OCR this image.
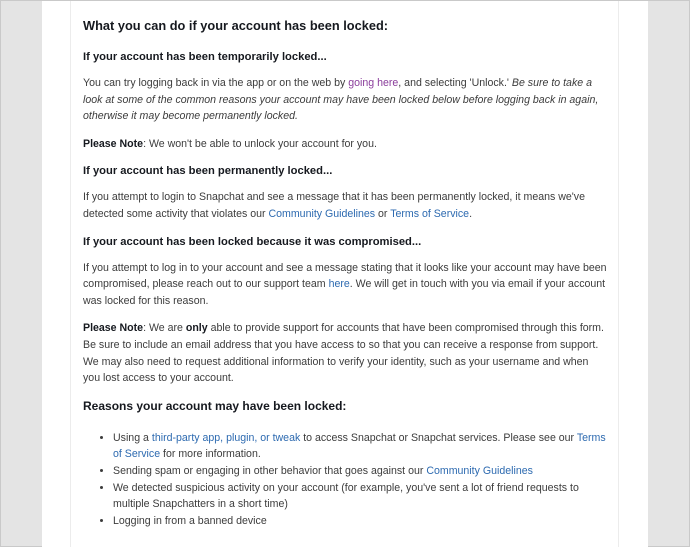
What you can do if your account has been locked:
If your account has been temporarily locked...

You can try logging back in via the app or on the web by going here, and selecting 'Unlock.' Be sure to take a look at some of the common reasons your account may have been locked below before logging back in again, otherwise it may become permanently locked.

Please Note: We won't be able to unlock your account for you.

If your account has been permanently locked...

If you attempt to login to Snapchat and see a message that it has been permanently locked, it means we've detected some activity that violates our Community Guidelines or Terms of Service.

If your account has been locked because it was compromised...

If you attempt to log in to your account and see a message stating that it looks like your account may have been compromised, please reach out to our support team here. We will get in touch with you via email if your account was locked for this reason.

Please Note: We are only able to provide support for accounts that have been compromised through this form. Be sure to include an email address that you have access to so that you can receive a response from support. We may also need to request additional information to verify your identity, such as your username and when you lost access to your account.

Reasons your account may have been locked:
• Using a third-party app, plugin, or tweak to access Snapchat or Snapchat services. Please see our Terms of Service for more information.
• Sending spam or engaging in other behavior that goes against our Community Guidelines
• We detected suspicious activity on your account (for example, you've sent a lot of friend requests to multiple Snapchatters in a short time)
• Logging in from a banned device
